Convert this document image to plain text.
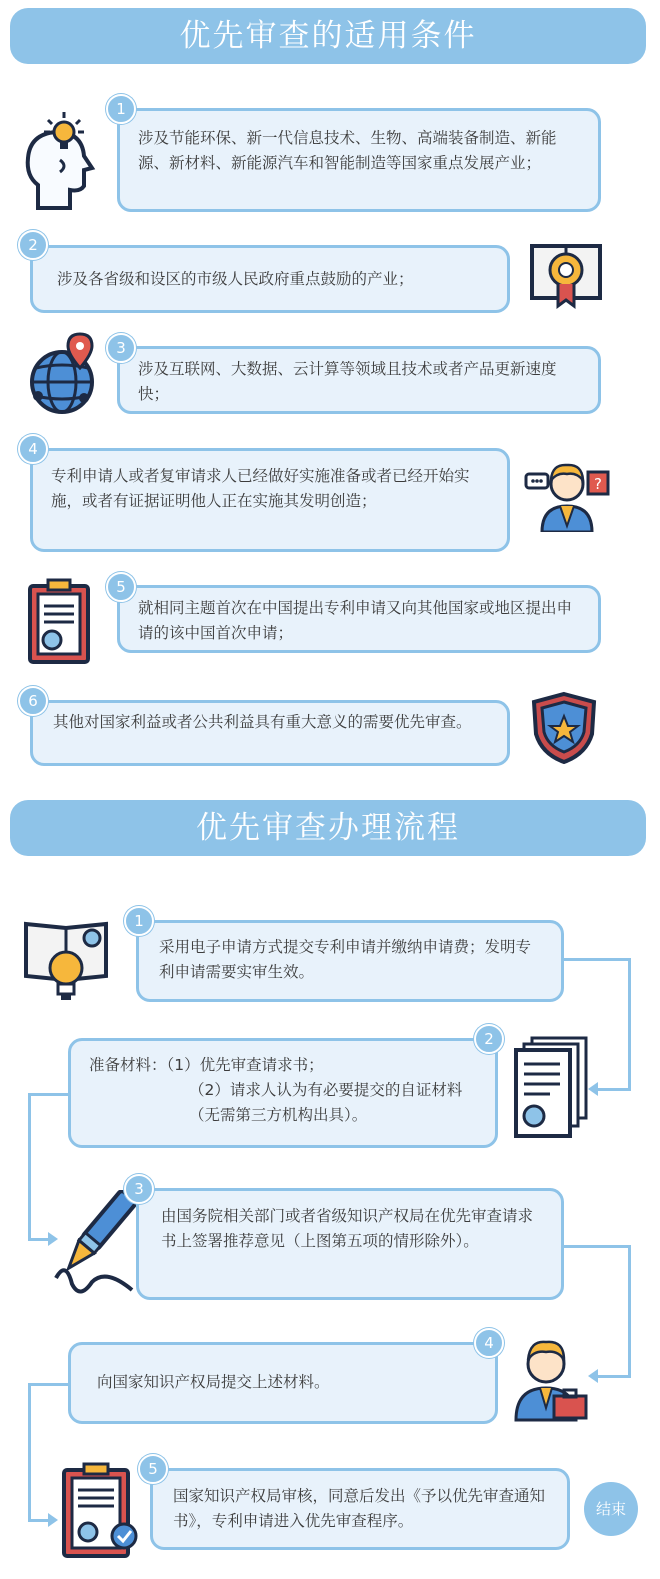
优先审查的适用条件
涉及节能环保、新一代信息技术、生物、高端装备制造、新能源、新材料、新能源汽车和智能制造等国家重点发展产业；
1
涉及各省级和设区的市级人民政府重点鼓励的产业；
2
涉及互联网、大数据、云计算等领域且技术或者产品更新速度快；
3
专利申请人或者复审请求人已经做好实施准备或者已经开始实施，或者有证据证明他人正在实施其发明创造；
4
?
就相同主题首次在中国提出专利申请又向其他国家或地区提出申请的该中国首次申请；
5
其他对国家利益或者公共利益具有重大意义的需要优先审查。
6
优先审查办理流程
采用电子申请方式提交专利申请并缴纳申请费；发明专利申请需要实审生效。
1
准备材料：（1）优先审查请求书；
（2）请求人认为有必要提交的自证材料（无需第三方机构出具）。
2
由国务院相关部门或者省级知识产权局在优先审查请求书上签署推荐意见（上图第五项的情形除外）。
3
向国家知识产权局提交上述材料。
4
国家知识产权局审核，同意后发出《予以优先审查通知书》，专利申请进入优先审查程序。
5
结束
